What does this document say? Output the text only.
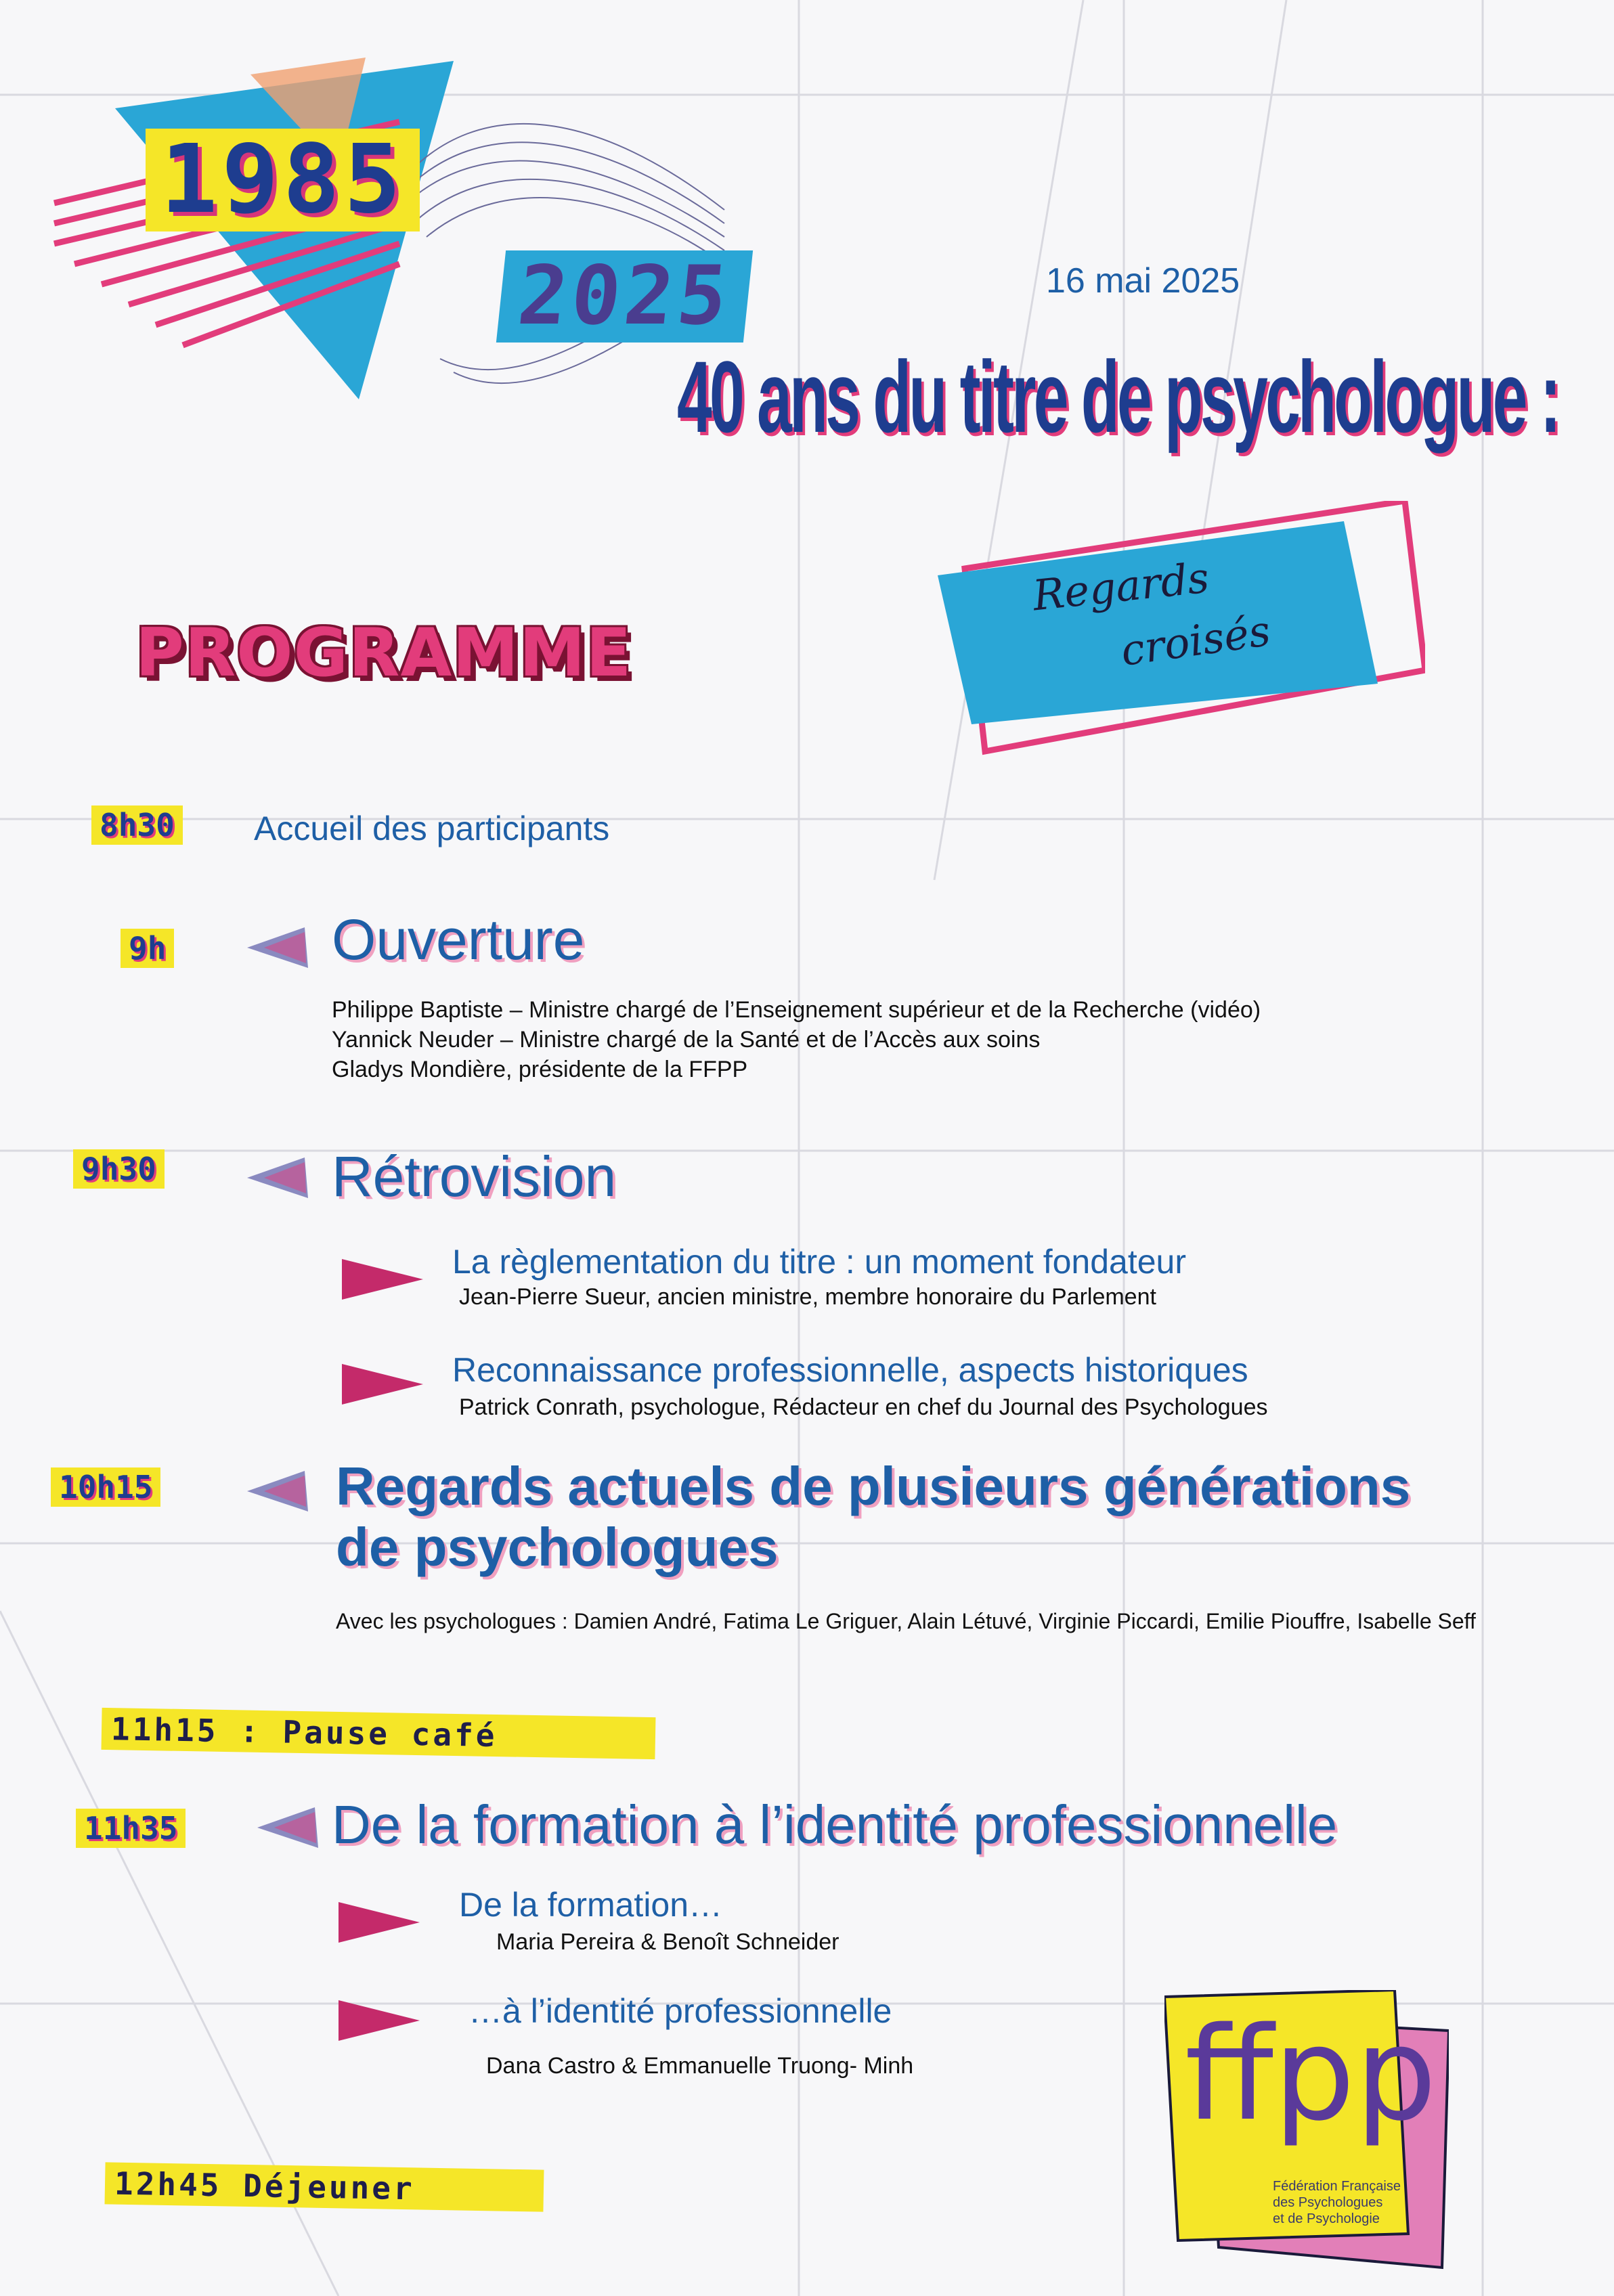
1985
2025	16 mai 2025
40 ans du titre de psychologue :
Regards
croisés
PROGRAMME
8h30 Accueil des participants
9h	Ouverture
Philippe Baptiste – Ministre chargé de l’Enseignement supérieur et de la Recherche (vidéo)
Yannick Neuder – Ministre chargé de la Santé et de l’Accès aux soins
Gladys Mondière, présidente de la FFPP
9h30	Rétrovision
La règlementation du titre : un moment fondateur
Jean-Pierre Sueur, ancien ministre, membre honoraire du Parlement
Reconnaissance professionnelle, aspects historiques
Patrick Conrath, psychologue, Rédacteur en chef du Journal des Psychologues
10h15	Regards actuels de plusieurs générations
de psychologues
Avec les psychologues : Damien André, Fatima Le Griguer, Alain Létuvé, Virginie Piccardi, Emilie Piouffre, Isabelle Seff
11h15 : Pause café
11h35	De la formation à l’identité professionnelle
De la formation…
Maria Pereira & Benoît Schneider
…à l’identité professionnelle
Dana Castro & Emmanuelle Truong- Minh
12h45 Déjeuner
ffpp
Fédération Française
des Psychologues
et de Psychologie
